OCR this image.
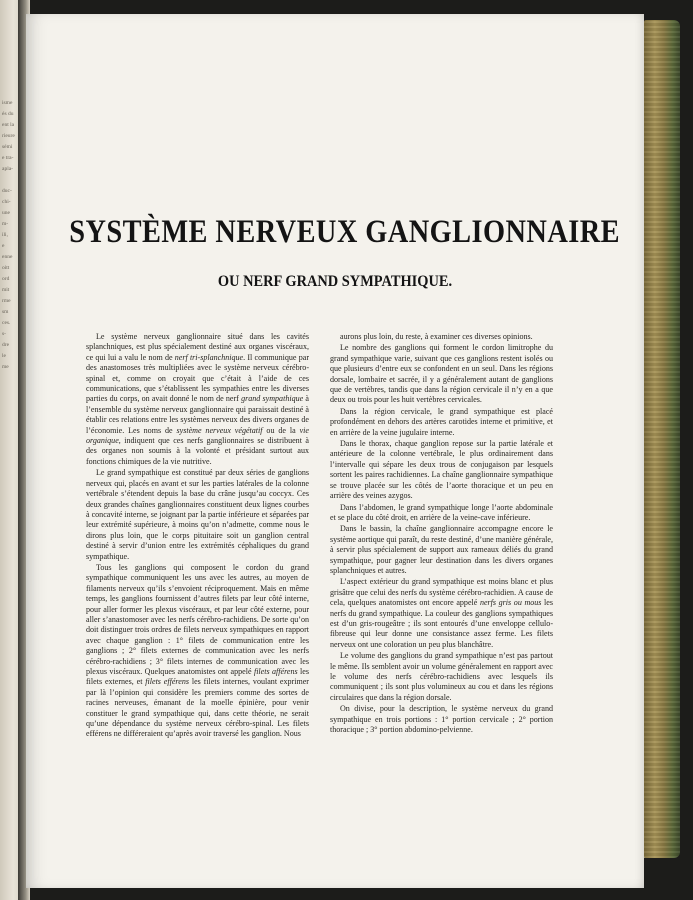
isme
és du
ent la
rieure
sémi
e tra-
apla-
duc-
chi-
une
m-
ili,
e
enne
oitt
ord
mit
rme
sm
ces.
s-
dre
le
me
SYSTÈME NERVEUX GANGLIONNAIRE
OU NERF GRAND SYMPATHIQUE.

Le système nerveux ganglionnaire situé dans les cavités splanchniques, est plus spécialement destiné aux organes viscéraux, ce qui lui a valu le nom de nerf tri-splanchnique. Il communique par des anastomoses très multipliées avec le système nerveux cérébro-spinal et, comme on croyait que c’était à l’aide de ces communications, que s’établissent les sympathies entre les diverses parties du corps, on avait donné le nom de nerf grand sympathique à l’ensemble du système nerveux ganglionnaire qui paraissait destiné à établir ces relations entre les systèmes nerveux des divers organes de l’économie. Les noms de système nerveux végétatif ou de la vie organique, indiquent que ces nerfs ganglionnaires se distribuent à des organes non soumis à la volonté et présidant surtout aux fonctions chimiques de la vie nutritive.

Le grand sympathique est constitué par deux séries de ganglions nerveux qui, placés en avant et sur les parties latérales de la colonne vertébrale s’étendent depuis la base du crâne jusqu’au coccyx. Ces deux grandes chaînes ganglionnaires constituent deux lignes courbes à concavité interne, se joignant par la partie inférieure et séparées par leur extrémité supérieure, à moins qu’on n’admette, comme nous le dirons plus loin, que le corps pituitaire soit un ganglion central destiné à servir d’union entre les extrémités céphaliques du grand sympathique.

Tous les ganglions qui composent le cordon du grand sympathique communiquent les uns avec les autres, au moyen de filaments nerveux qu’ils s’envoient réciproquement. Mais en même temps, les ganglions fournissent d’autres filets par leur côté interne, pour aller former les plexus viscéraux, et par leur côté externe, pour aller s’anastomoser avec les nerfs cérébro-rachidiens. De sorte qu’on doit distinguer trois ordres de filets nerveux sympathiques en rapport avec chaque ganglion : 1° filets de communication entre les ganglions ; 2° filets externes de communication avec les nerfs cérébro-rachidiens ; 3° filets internes de communication avec les plexus viscéraux. Quelques anatomistes ont appelé filets afférens les filets externes, et filets efférens les filets internes, voulant exprimer par là l’opinion qui considère les premiers comme des sortes de racines nerveuses, émanant de la moelle épinière, pour venir constituer le grand sympathique qui, dans cette théorie, ne serait qu’une dépendance du système nerveux cérébro-spinal. Les filets efférens ne différeraient qu’après avoir traversé les ganglion. Nous

aurons plus loin, du reste, à examiner ces diverses opinions.

Le nombre des ganglions qui forment le cordon limitrophe du grand sympathique varie, suivant que ces ganglions restent isolés ou que plusieurs d’entre eux se confondent en un seul. Dans les régions dorsale, lombaire et sacrée, il y a généralement autant de ganglions que de vertèbres, tandis que dans la région cervicale il n’y en a que deux ou trois pour les huit vertèbres cervicales.

Dans la région cervicale, le grand sympathique est placé profondément en dehors des artères carotides interne et primitive, et en arrière de la veine jugulaire interne.

Dans le thorax, chaque ganglion repose sur la partie latérale et antérieure de la colonne vertébrale, le plus ordinairement dans l’intervalle qui sépare les deux trous de conjugaison par lesquels sortent les paires rachidiennes. La chaîne ganglionnaire sympathique se trouve placée sur les côtés de l’aorte thoracique et un peu en arrière des veines azygos.

Dans l’abdomen, le grand sympathique longe l’aorte abdominale et se place du côté droit, en arrière de la veine-cave inférieure.

Dans le bassin, la chaîne ganglionnaire accompagne encore le système aortique qui paraît, du reste destiné, d’une manière générale, à servir plus spécialement de support aux rameaux déliés du grand sympathique, pour gagner leur destination dans les divers organes splanchniques et autres.

L’aspect extérieur du grand sympathique est moins blanc et plus grisâtre que celui des nerfs du système cérébro-rachidien. A cause de cela, quelques anatomistes ont encore appelé nerfs gris ou mous les nerfs du grand sympathique. La couleur des ganglions sympathiques est d’un gris-rougeâtre ; ils sont entourés d’une enveloppe cellulo-fibreuse qui leur donne une consistance assez ferme. Les filets nerveux ont une coloration un peu plus blanchâtre.

Le volume des ganglions du grand sympathique n’est pas partout le même. Ils semblent avoir un volume généralement en rapport avec le volume des nerfs cérébro-rachidiens avec lesquels ils communiquent ; ils sont plus volumineux au cou et dans les régions circulaires que dans la région dorsale.

On divise, pour la description, le système nerveux du grand sympathique en trois portions : 1° portion cervicale ; 2° portion thoracique ; 3° portion abdomino-pelvienne.
